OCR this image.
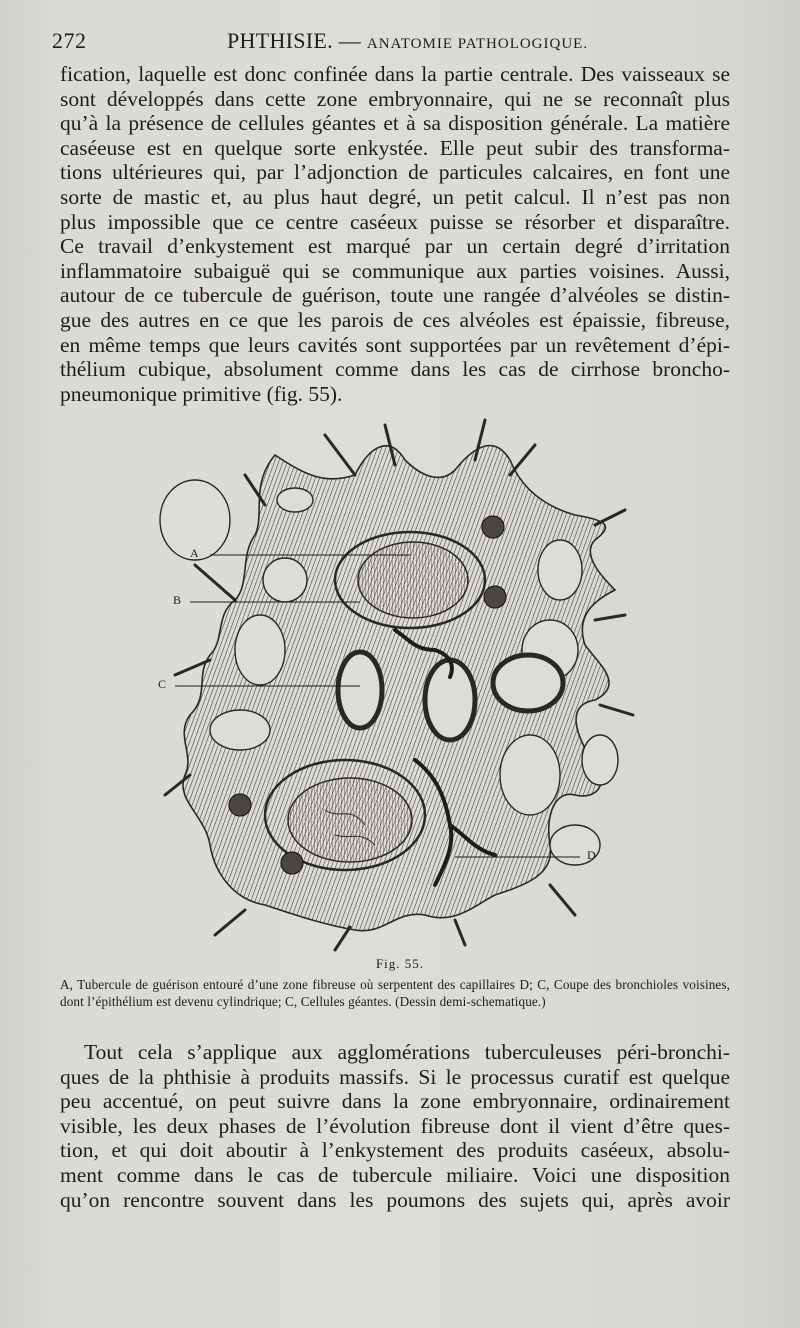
272	PHTHISIE. — ANATOMIE PATHOLOGIQUE.
fication, laquelle est donc confinée dans la partie centrale. Des vaisseaux se
sont développés dans cette zone embryonnaire, qui ne se reconnaît plus
qu’à la présence de cellules géantes et à sa disposition générale. La matière
caséeuse est en quelque sorte enkystée. Elle peut subir des transforma-
tions ultérieures qui, par l’adjonction de particules calcaires, en font une
sorte de mastic et, au plus haut degré, un petit calcul. Il n’est pas non
plus impossible que ce centre caséeux puisse se résorber et disparaître.
Ce travail d’enkystement est marqué par un certain degré d’irritation
inflammatoire subaiguë qui se communique aux parties voisines. Aussi,
autour de ce tubercule de guérison, toute une rangée d’alvéoles se distin-
gue des autres en ce que les parois de ces alvéoles est épaissie, fibreuse,
en même temps que leurs cavités sont supportées par un revêtement d’épi-
thélium cubique, absolument comme dans les cas de cirrhose broncho-
pneumonique primitive (fig. 55).
A
B
C
D
Fig. 55.
A, Tubercule de guérison entouré d’une zone fibreuse où serpentent des capillaires D; C, Coupe des bronchioles voisines, dont l’épithélium est devenu cylindrique; C, Cellules géantes. (Dessin demi-schematique.)
Tout cela s’applique aux agglomérations tuberculeuses péri-bronchi-
ques de la phthisie à produits massifs. Si le processus curatif est quelque
peu accentué, on peut suivre dans la zone embryonnaire, ordinairement
visible, les deux phases de l’évolution fibreuse dont il vient d’être ques-
tion, et qui doit aboutir à l’enkystement des produits caséeux, absolu-
ment comme dans le cas de tubercule miliaire. Voici une disposition
qu’on rencontre souvent dans les poumons des sujets qui, après avoir
